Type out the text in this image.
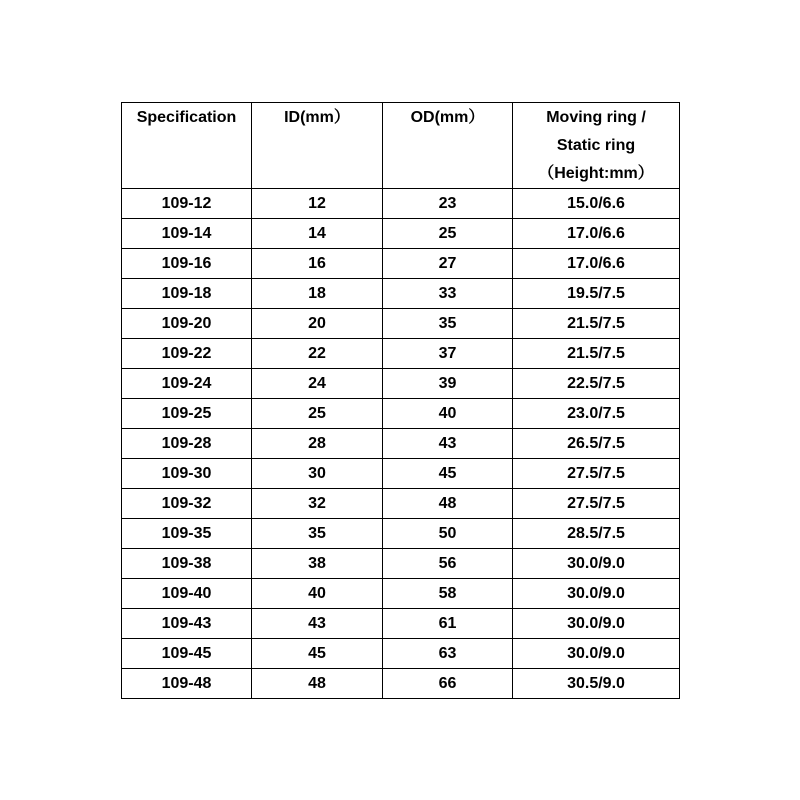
Specification	ID(mm）	OD(mm）	Moving ring /
Static ring
（Height:mm）

109-12	12	23	15.0/6.6
109-14	14	25	17.0/6.6
109-16	16	27	17.0/6.6
109-18	18	33	19.5/7.5
109-20	20	35	21.5/7.5
109-22	22	37	21.5/7.5
109-24	24	39	22.5/7.5
109-25	25	40	23.0/7.5
109-28	28	43	26.5/7.5
109-30	30	45	27.5/7.5
109-32	32	48	27.5/7.5
109-35	35	50	28.5/7.5
109-38	38	56	30.0/9.0
109-40	40	58	30.0/9.0
109-43	43	61	30.0/9.0
109-45	45	63	30.0/9.0
109-48	48	66	30.5/9.0
